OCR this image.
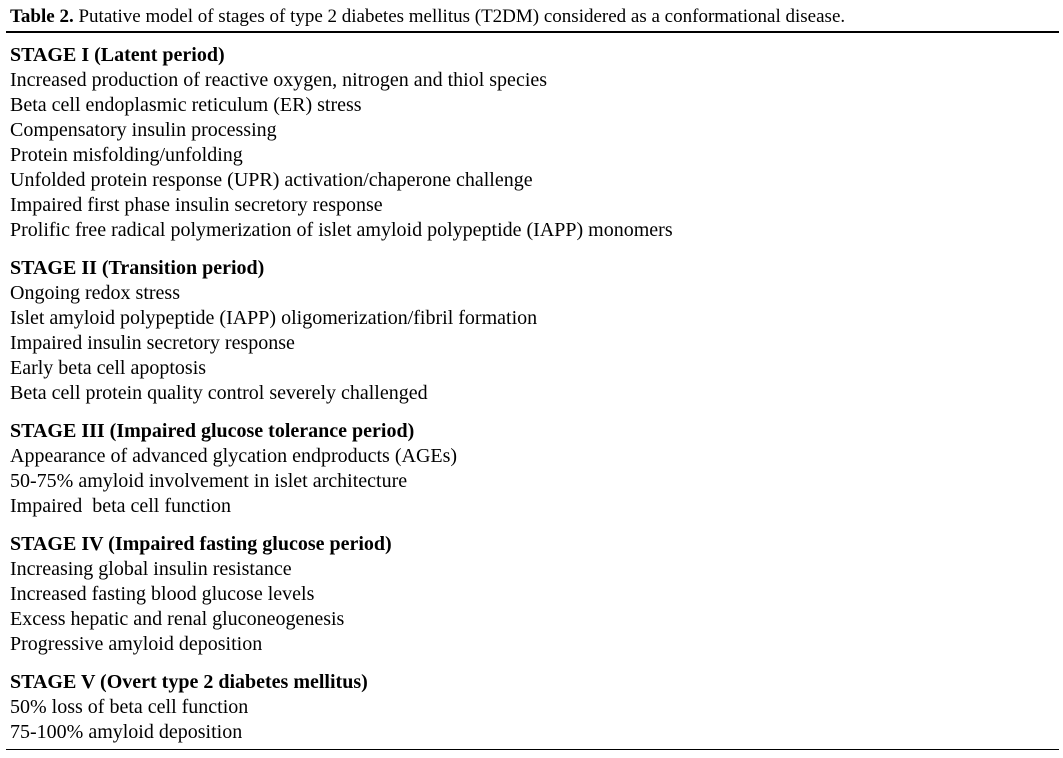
Table 2. Putative model of stages of type 2 diabetes mellitus (T2DM) considered as a conformational disease.
STAGE I (Latent period)
Increased production of reactive oxygen, nitrogen and thiol species
Beta cell endoplasmic reticulum (ER) stress
Compensatory insulin processing
Protein misfolding/unfolding
Unfolded protein response (UPR) activation/chaperone challenge
Impaired first phase insulin secretory response
Prolific free radical polymerization of islet amyloid polypeptide (IAPP) monomers
STAGE II (Transition period)
Ongoing redox stress
Islet amyloid polypeptide (IAPP) oligomerization/fibril formation
Impaired insulin secretory response
Early beta cell apoptosis
Beta cell protein quality control severely challenged
STAGE III (Impaired glucose tolerance period)
Appearance of advanced glycation endproducts (AGEs)
50-75% amyloid involvement in islet architecture
Impaired  beta cell function
STAGE IV (Impaired fasting glucose period)
Increasing global insulin resistance
Increased fasting blood glucose levels
Excess hepatic and renal gluconeogenesis
Progressive amyloid deposition
STAGE V (Overt type 2 diabetes mellitus)
50% loss of beta cell function
75-100% amyloid deposition
